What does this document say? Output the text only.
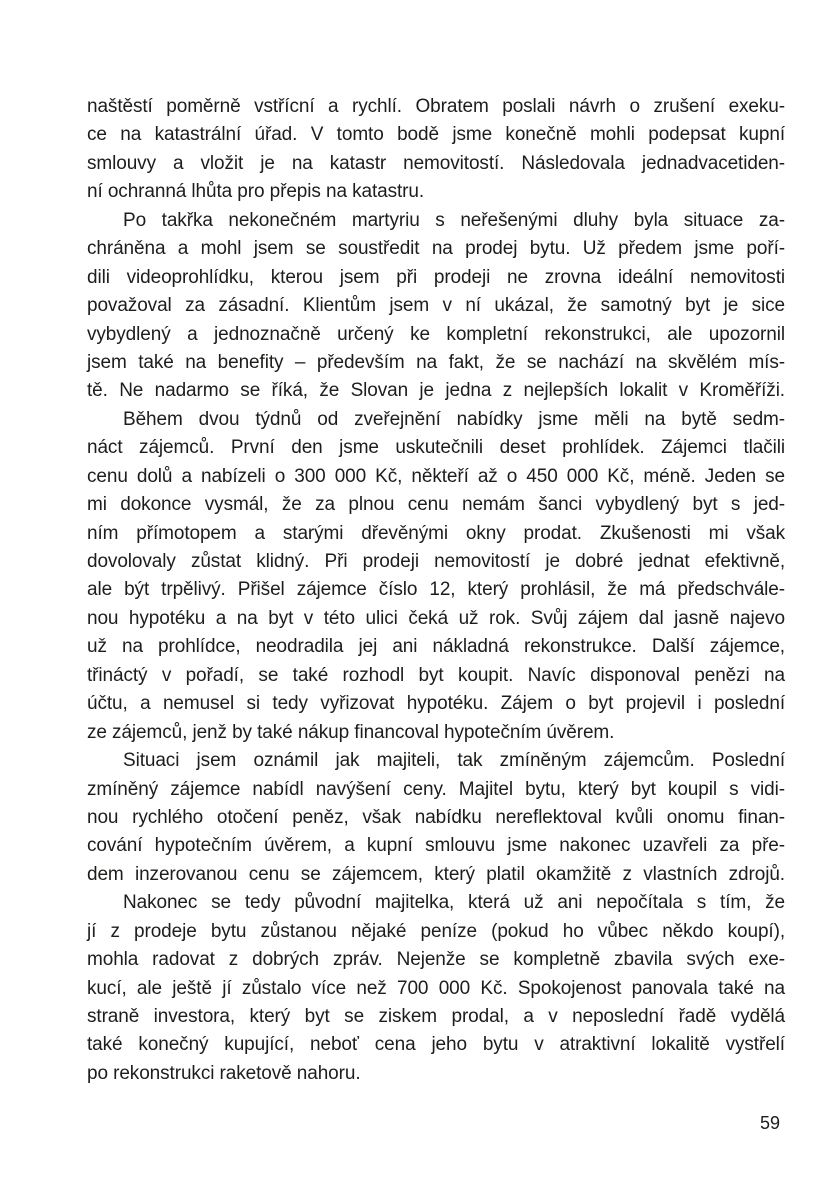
naštěstí poměrně vstřícní a rychlí. Obratem poslali návrh o zrušení exeku-
ce na katastrální úřad. V tomto bodě jsme konečně mohli podepsat kupní
smlouvy a vložit je na katastr nemovitostí. Následovala jednadvacetiden-
ní ochranná lhůta pro přepis na katastru.
Po takřka nekonečném martyriu s neřešenými dluhy byla situace za-
chráněna a mohl jsem se soustředit na prodej bytu. Už předem jsme poří-
dili videoprohlídku, kterou jsem při prodeji ne zrovna ideální nemovitosti
považoval za zásadní. Klientům jsem v ní ukázal, že samotný byt je sice
vybydlený a jednoznačně určený ke kompletní rekonstrukci, ale upozornil
jsem také na benefity – především na fakt, že se nachází na skvělém mís-
tě. Ne nadarmo se říká, že Slovan je jedna z nejlepších lokalit v Kroměříži.
Během dvou týdnů od zveřejnění nabídky jsme měli na bytě sedm-
náct zájemců. První den jsme uskutečnili deset prohlídek. Zájemci tlačili
cenu dolů a nabízeli o 300 000 Kč, někteří až o 450 000 Kč, méně. Jeden se
mi dokonce vysmál, že za plnou cenu nemám šanci vybydlený byt s jed-
ním přímotopem a starými dřevěnými okny prodat. Zkušenosti mi však
dovolovaly zůstat klidný. Při prodeji nemovitostí je dobré jednat efektivně,
ale být trpělivý. Přišel zájemce číslo 12, který prohlásil, že má předschvále-
nou hypotéku a na byt v této ulici čeká už rok. Svůj zájem dal jasně najevo
už na prohlídce, neodradila jej ani nákladná rekonstrukce. Další zájemce,
třináctý v pořadí, se také rozhodl byt koupit. Navíc disponoval penězi na
účtu, a nemusel si tedy vyřizovat hypotéku. Zájem o byt projevil i poslední
ze zájemců, jenž by také nákup financoval hypotečním úvěrem.
Situaci jsem oznámil jak majiteli, tak zmíněným zájemcům. Poslední
zmíněný zájemce nabídl navýšení ceny. Majitel bytu, který byt koupil s vidi-
nou rychlého otočení peněz, však nabídku nereflektoval kvůli onomu finan-
cování hypotečním úvěrem, a kupní smlouvu jsme nakonec uzavřeli za pře-
dem inzerovanou cenu se zájemcem, který platil okamžitě z vlastních zdrojů.
Nakonec se tedy původní majitelka, která už ani nepočítala s tím, že
jí z prodeje bytu zůstanou nějaké peníze (pokud ho vůbec někdo koupí),
mohla radovat z dobrých zpráv. Nejenže se kompletně zbavila svých exe-
kucí, ale ještě jí zůstalo více než 700 000 Kč. Spokojenost panovala také na
straně investora, který byt se ziskem prodal, a v neposlední řadě vydělá
také konečný kupující, neboť cena jeho bytu v atraktivní lokalitě vystřelí
po rekonstrukci raketově nahoru.
59
